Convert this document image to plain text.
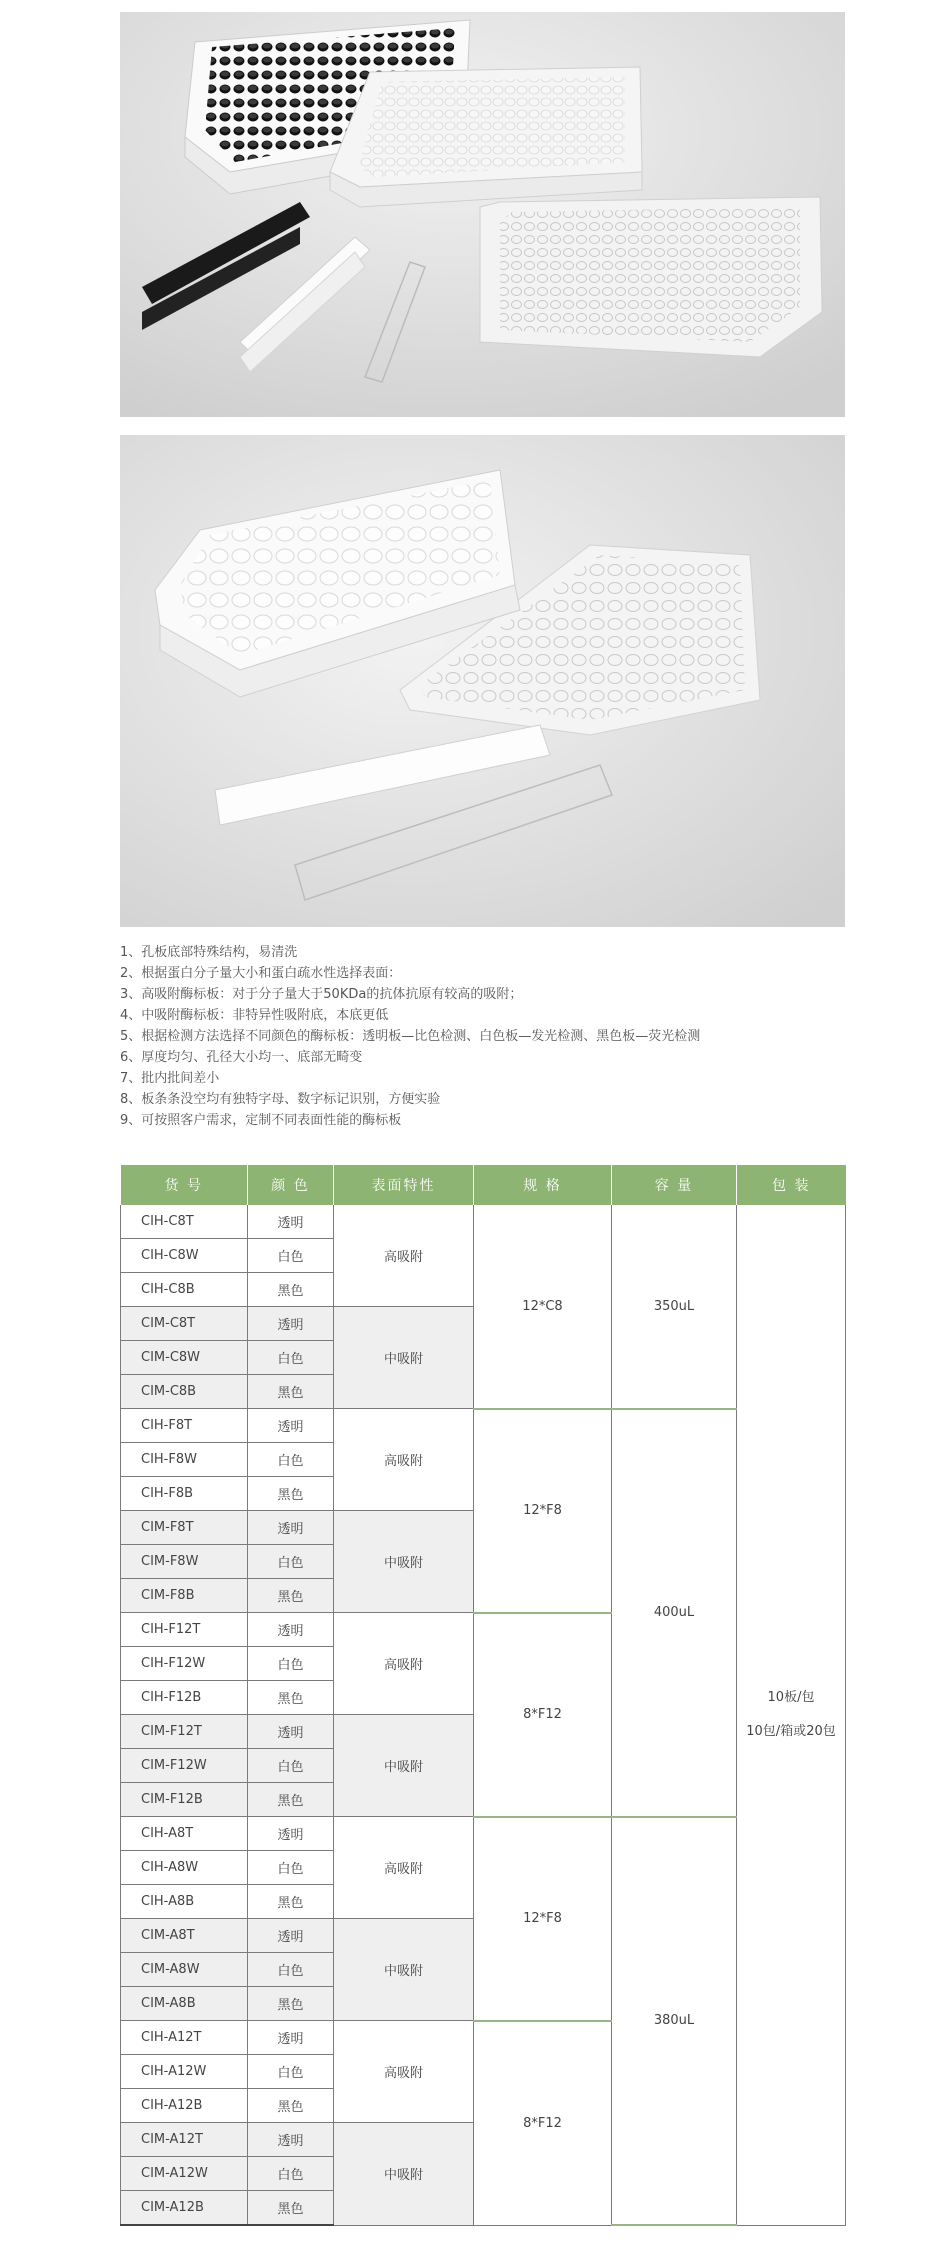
1、孔板底部特殊结构，易清洗
2、根据蛋白分子量大小和蛋白疏水性选择表面：
3、高吸附酶标板：对于分子量大于50KDa的抗体抗原有较高的吸附；
4、中吸附酶标板：非特异性吸附底，本底更低
5、根据检测方法选择不同颜色的酶标板：透明板—比色检测、白色板—发光检测、黑色板—荧光检测
6、厚度均匀、孔径大小均一、底部无畸变
7、批内批间差小
8、板条条没空均有独特字母、数字标记识别，方便实验
9、可按照客户需求，定制不同表面性能的酶标板
货 号	颜 色	表面特性	规 格	容 量	包 装
CIH-C8T	透明	高吸附	12*C8	350uL	10板/包
10包/箱或20包

CIH-C8W	白色				
CIH-C8B	黑色				
CIM-C8T	透明	中吸附			
CIM-C8W	白色				
CIM-C8B	黑色				
CIH-F8T	透明	高吸附	12*F8	400uL	
CIH-F8W	白色				
CIH-F8B	黑色				
CIM-F8T	透明	中吸附			
CIM-F8W	白色				
CIM-F8B	黑色				
CIH-F12T	透明	高吸附	8*F12		
CIH-F12W	白色				
CIH-F12B	黑色				
CIM-F12T	透明	中吸附			
CIM-F12W	白色				
CIM-F12B	黑色				
CIH-A8T	透明	高吸附	12*F8	380uL	
CIH-A8W	白色				
CIH-A8B	黑色				
CIM-A8T	透明	中吸附			
CIM-A8W	白色				
CIM-A8B	黑色				
CIH-A12T	透明	高吸附	8*F12		
CIH-A12W	白色				
CIH-A12B	黑色				
CIM-A12T	透明	中吸附			
CIM-A12W	白色				
CIM-A12B	黑色				
